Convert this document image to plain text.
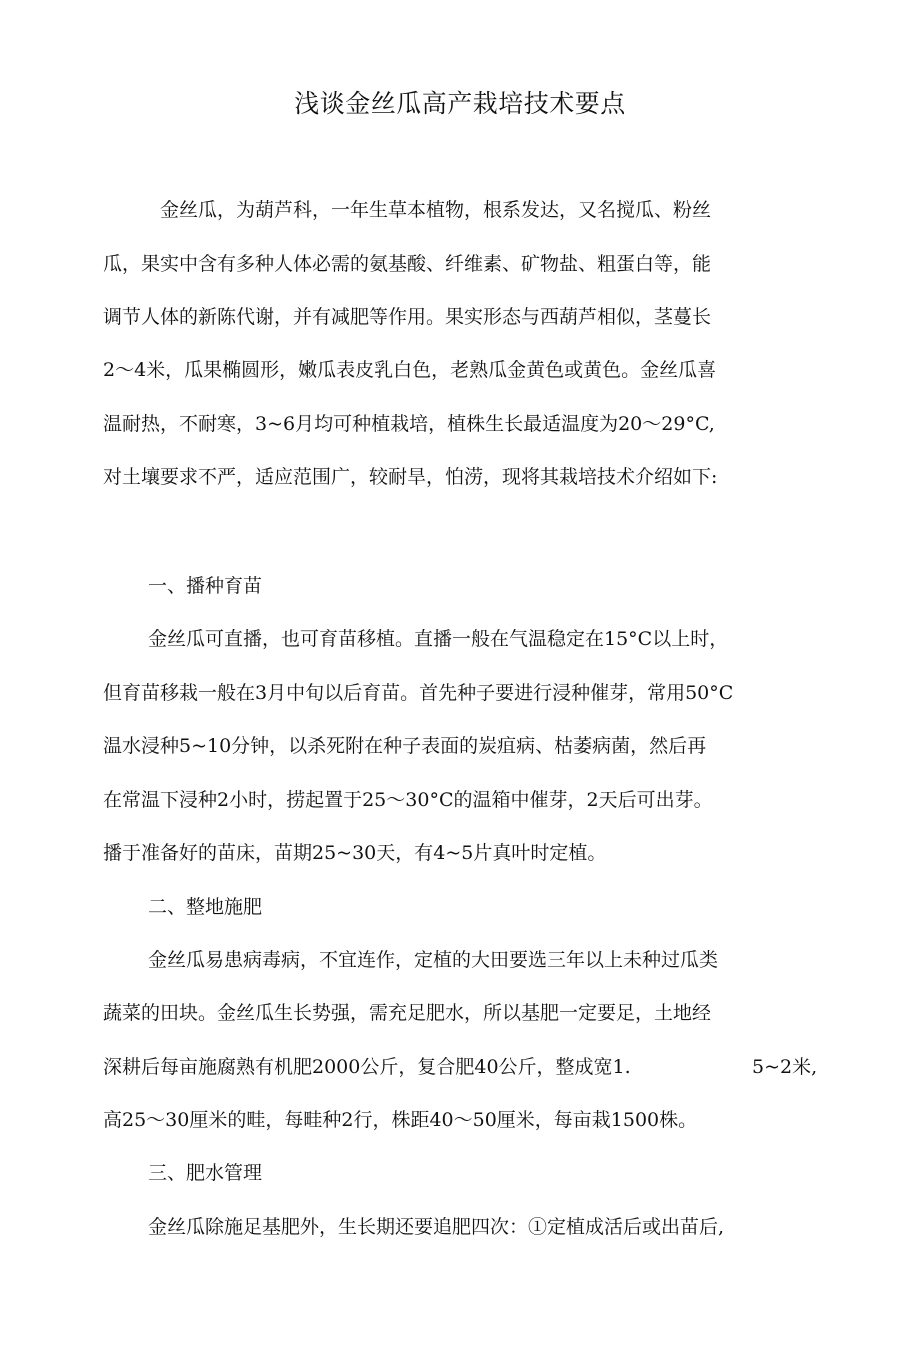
浅谈金丝瓜高产栽培技术要点
金丝瓜，为葫芦科，一年生草本植物，根系发达，又名搅瓜、粉丝
瓜，果实中含有多种人体必需的氨基酸、纤维素、矿物盐、粗蛋白等，能
调节人体的新陈代谢，并有减肥等作用。果实形态与西葫芦相似，茎蔓长
2～4米，瓜果椭圆形，嫩瓜表皮乳白色，老熟瓜金黄色或黄色。金丝瓜喜
温耐热，不耐寒，3~6月均可种植栽培，植株生长最适温度为20～29°C,
对土壤要求不严，适应范围广，较耐旱，怕涝，现将其栽培技术介绍如下:
一、播种育苗
金丝瓜可直播，也可育苗移植。直播一般在气温稳定在15°C以上时，
但育苗移栽一般在3月中旬以后育苗。首先种子要进行浸种催芽，常用50°C
温水浸种5~10分钟，以杀死附在种子表面的炭疽病、枯萎病菌，然后再
在常温下浸种2小时，捞起置于25～30°C的温箱中催芽，2天后可出芽。
播于准备好的苗床，苗期25~30天，有4~5片真叶时定植。
二、整地施肥
金丝瓜易患病毒病，不宜连作，定植的大田要选三年以上未种过瓜类
蔬菜的田块。金丝瓜生长势强，需充足肥水，所以基肥一定要足，土地经
深耕后每亩施腐熟有机肥2000公斤，复合肥40公斤，整成宽1.	5~2米,
高25～30厘米的畦，每畦种2行，株距40～50厘米，每亩栽1500株。
三、肥水管理
金丝瓜除施足基肥外，生长期还要追肥四次：①定植成活后或出苗后,
